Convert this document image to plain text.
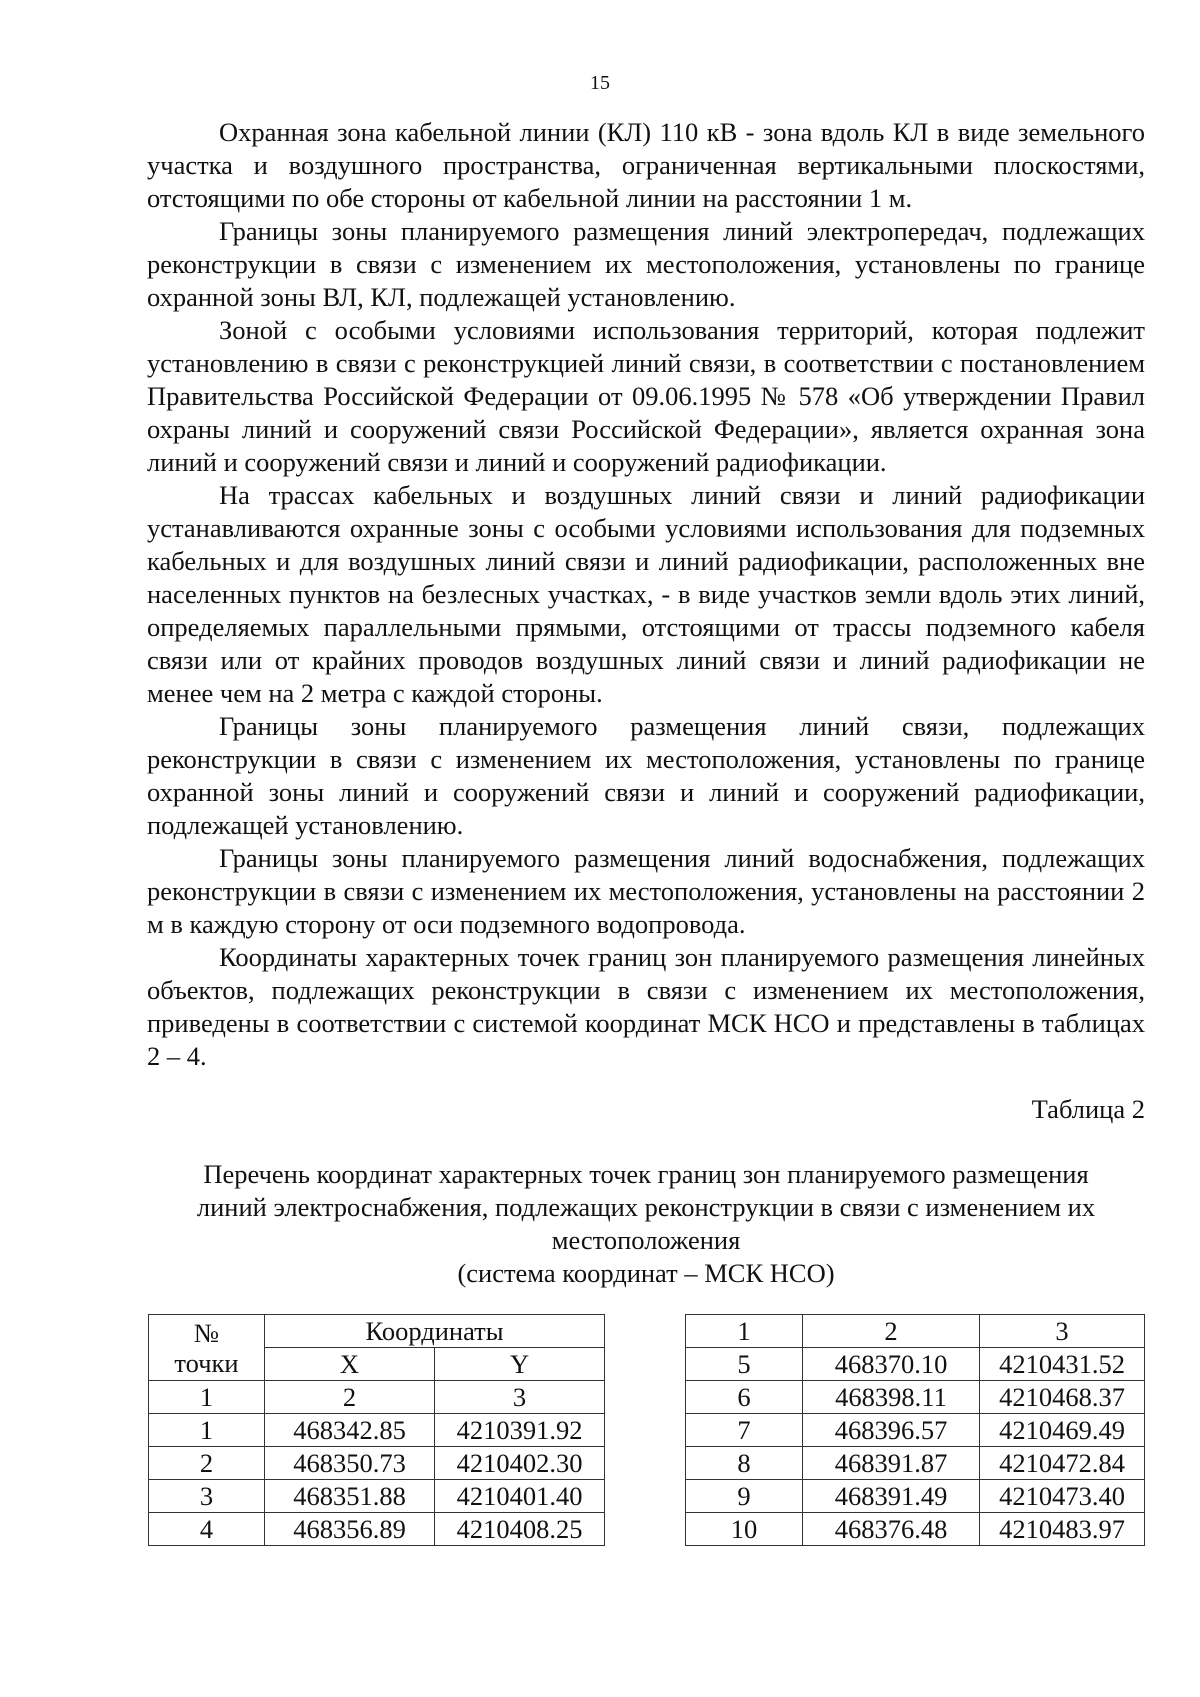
15

Охранная зона кабельной линии (КЛ) 110 кВ - зона вдоль КЛ в виде земельного участка и воздушного пространства, ограниченная вертикальными плоскостями, отстоящими по обе стороны от кабельной линии на расстоянии 1 м.

Границы зоны планируемого размещения линий электропередач, подлежащих реконструкции в связи с изменением их местоположения, установлены по границе охранной зоны ВЛ, КЛ, подлежащей установлению.

Зоной с особыми условиями использования территорий, которая подлежит установлению в связи с реконструкцией линий связи, в соответствии с постановлением Правительства Российской Федерации от 09.06.1995 № 578 «Об утверждении Правил охраны линий и сооружений связи Российской Федерации», является охранная зона линий и сооружений связи и линий и сооружений радиофикации.

На трассах кабельных и воздушных линий связи и линий радиофикации устанавливаются охранные зоны с особыми условиями использования для подземных кабельных и для воздушных линий связи и линий радиофикации, расположенных вне населенных пунктов на безлесных участках, - в виде участков земли вдоль этих линий, определяемых параллельными прямыми, отстоящими от трассы подземного кабеля связи или от крайних проводов воздушных линий связи и линий радиофикации не менее чем на 2 метра с каждой стороны.

Границы зоны планируемого размещения линий связи, подлежащих реконструкции в связи с изменением их местоположения, установлены по границе охранной зоны линий и сооружений связи и линий и сооружений радиофикации, подлежащей установлению.

Границы зоны планируемого размещения линий водоснабжения, подлежащих реконструкции в связи с изменением их местоположения, установлены на расстоянии 2 м в каждую сторону от оси подземного водопровода.

Координаты характерных точек границ зон планируемого размещения линейных объектов, подлежащих реконструкции в связи с изменением их местоположения, приведены в соответствии с системой координат МСК НСО и представлены в таблицах 2 – 4.

Таблица 2
Перечень координат характерных точек границ зон планируемого размещения
линий электроснабжения, подлежащих реконструкции в связи с изменением их
местоположения
(система координат – МСК НСО)
№
точки	Координаты	
	X	Y
1	2	3
1	468342.85	4210391.92
2	468350.73	4210402.30
3	468351.88	4210401.40
4	468356.89	4210408.25
1	2	3
5	468370.10	4210431.52
6	468398.11	4210468.37
7	468396.57	4210469.49
8	468391.87	4210472.84
9	468391.49	4210473.40
10	468376.48	4210483.97
